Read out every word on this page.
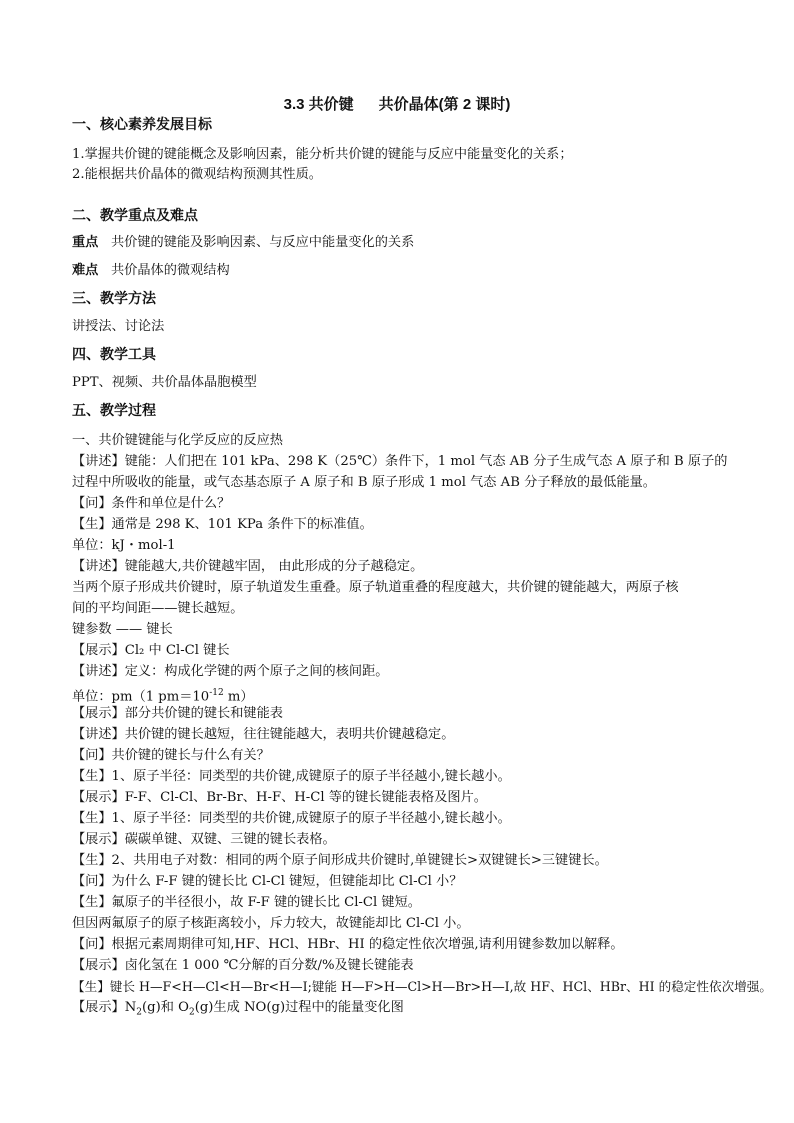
3.3 共价键      共价晶体(第 2 课时)
一、核心素养发展目标
1.掌握共价键的键能概念及影响因素，能分析共价键的键能与反应中能量变化的关系；
2.能根据共价晶体的微观结构预测其性质。
二、教学重点及难点
重点 共价键的键能及影响因素、与反应中能量变化的关系
难点 共价晶体的微观结构
三、教学方法
讲授法、讨论法
四、教学工具
PPT、视频、共价晶体晶胞模型
五、教学过程
一、共价键键能与化学反应的反应热
【讲述】键能：人们把在 101 kPa、298 K（25℃）条件下，1 mol 气态 AB 分子生成气态 A 原子和 B 原子的
过程中所吸收的能量，或气态基态原子 A 原子和 B 原子形成 1 mol 气态 AB 分子释放的最低能量。
【问】条件和单位是什么？
【生】通常是 298 K、101 KPa 条件下的标准值。
单位：kJ・mol-1
【讲述】键能越大,共价键越牢固， 由此形成的分子越稳定。
当两个原子形成共价键时，原子轨道发生重叠。原子轨道重叠的程度越大，共价键的键能越大，两原子核
间的平均间距——键长越短。
键参数 —— 键长
【展示】Cl₂ 中 Cl-Cl 键长
【讲述】定义：构成化学键的两个原子之间的核间距。
单位：pm（1 $pm=10^{-12}$ m）
【展示】部分共价键的键长和键能表
【讲述】共价键的键长越短，往往键能越大，表明共价键越稳定。
【问】共价键的键长与什么有关？
【生】1、原子半径：同类型的共价键,成键原子的原子半径越小,键长越小。
【展示】F-F、Cl-Cl、Br-Br、H-F、H-Cl 等的键长键能表格及图片。
【生】1、原子半径：同类型的共价键,成键原子的原子半径越小,键长越小。
【展示】碳碳单键、双键、三键的键长表格。
【生】2、共用电子对数：相同的两个原子间形成共价键时,单键键长>双键键长>三键键长。
【问】为什么 F-F 键的键长比 Cl-Cl 键短，但键能却比 Cl-Cl 小？
【生】氟原子的半径很小，故 F-F 键的键长比 Cl-Cl 键短。
但因两氟原子的原子核距离较小，斥力较大，故键能却比 Cl-Cl 小。
【问】根据元素周期律可知,HF、HCl、HBr、HI 的稳定性依次增强,请利用键参数加以解释。
【展示】卤化氢在 1 000 ℃分解的百分数/%及键长键能表
【生】键长 H—F<H—Cl<H—Br<H—I;键能 H—F>H—Cl>H—Br>H—I,故 HF、HCl、HBr、HI 的稳定性依次增强。
【展示】$N_2(g)$和 $O_2(g)$生成 NO(g)过程中的能量变化图
